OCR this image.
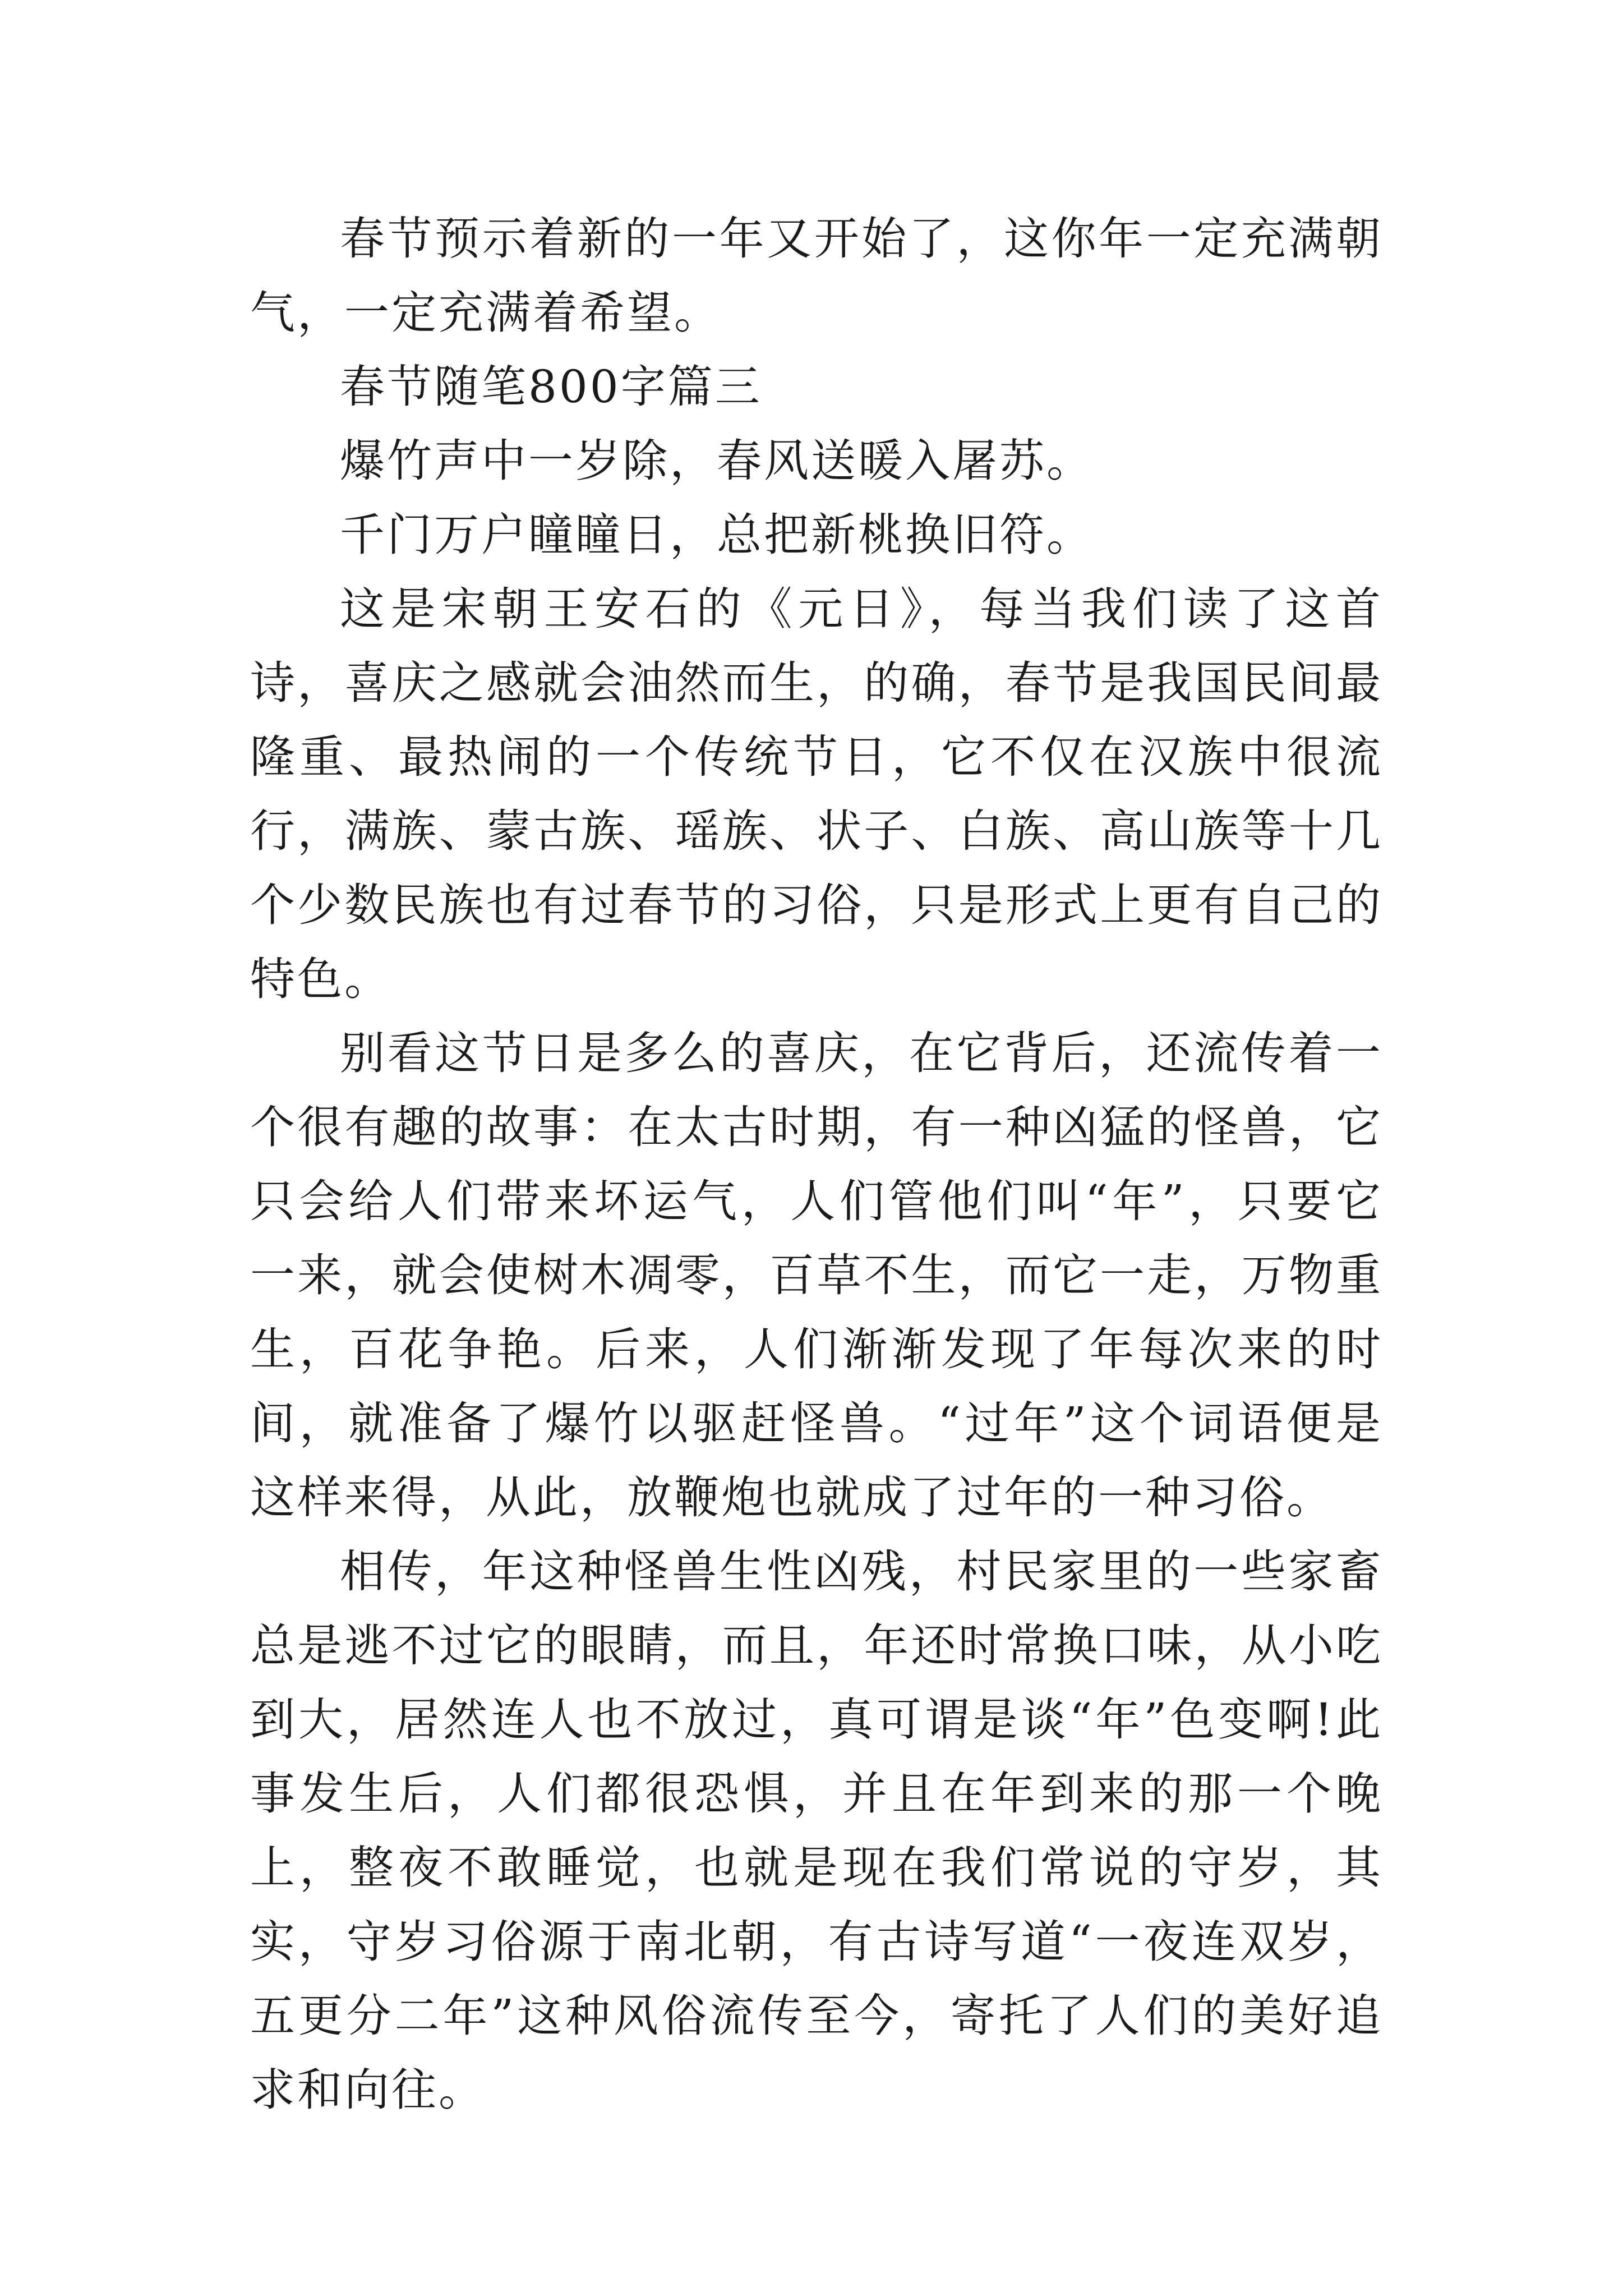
春节预示着新的一年又开始了，这你年一定充满朝气，一定充满着希望。

春节随笔800字篇三

爆竹声中一岁除，春风送暖入屠苏。

千门万户瞳瞳日，总把新桃换旧符。

这是宋朝王安石的《元日》，每当我们读了这首诗，喜庆之感就会油然而生，的确，春节是我国民间最隆重、最热闹的一个传统节日，它不仅在汉族中很流行，满族、蒙古族、瑶族、状子、白族、高山族等十几个少数民族也有过春节的习俗，只是形式上更有自己的特色。

别看这节日是多么的喜庆，在它背后，还流传着一个很有趣的故事：在太古时期，有一种凶猛的怪兽，它只会给人们带来坏运气，人们管他们叫“年”，只要它一来，就会使树木凋零，百草不生，而它一走，万物重生，百花争艳。后来，人们渐渐发现了年每次来的时间，就准备了爆竹以驱赶怪兽。“过年”这个词语便是这样来得，从此，放鞭炮也就成了过年的一种习俗。

相传，年这种怪兽生性凶残，村民家里的一些家畜总是逃不过它的眼睛，而且，年还时常换口味，从小吃到大，居然连人也不放过，真可谓是谈“年”色变啊!此事发生后，人们都很恐惧，并且在年到来的那一个晚上，整夜不敢睡觉，也就是现在我们常说的守岁，其实，守岁习俗源于南北朝，有古诗写道“一夜连双岁，五更分二年”这种风俗流传至今，寄托了人们的美好追求和向往。
